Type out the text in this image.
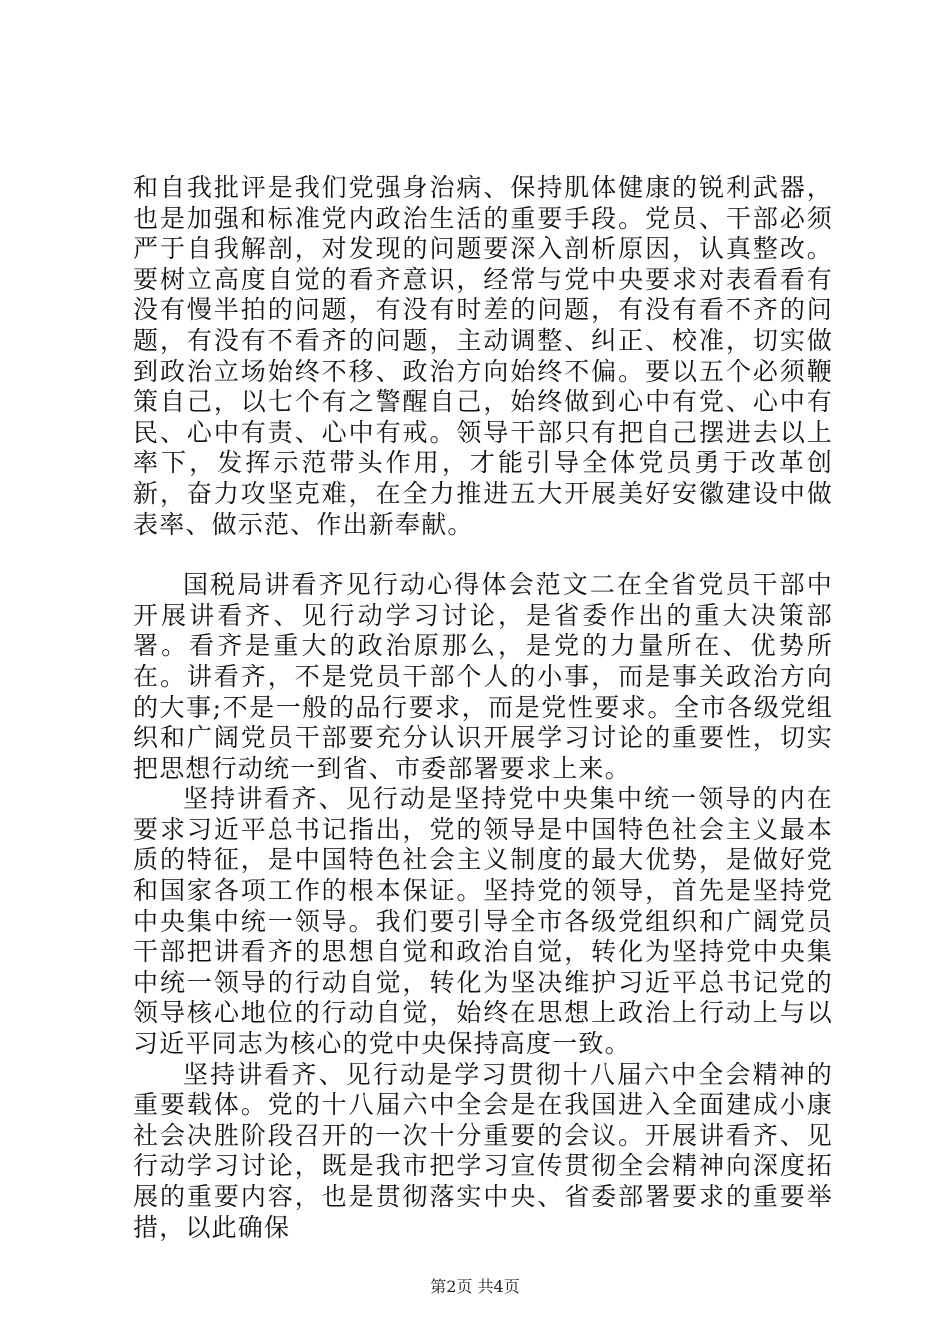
和自我批评是我们党强身治病、保持肌体健康的锐利武器，也是加强和标准党内政治生活的重要手段。党员、干部必须严于自我解剖，对发现的问题要深入剖析原因，认真整改。要树立高度自觉的看齐意识，经常与党中央要求对表看看有没有慢半拍的问题，有没有时差的问题，有没有看不齐的问题，有没有不看齐的问题，主动调整、纠正、校准，切实做到政治立场始终不移、政治方向始终不偏。要以五个必须鞭策自己，以七个有之警醒自己，始终做到心中有党、心中有民、心中有责、心中有戒。领导干部只有把自己摆进去以上率下，发挥示范带头作用，才能引导全体党员勇于改革创新，奋力攻坚克难，在全力推进五大开展美好安徽建设中做表率、做示范、作出新奉献。

国税局讲看齐见行动心得体会范文二在全省党员干部中开展讲看齐、见行动学习讨论，是省委作出的重大决策部署。看齐是重大的政治原那么，是党的力量所在、优势所在。讲看齐，不是党员干部个人的小事，而是事关政治方向的大事;不是一般的品行要求，而是党性要求。全市各级党组织和广阔党员干部要充分认识开展学习讨论的重要性，切实把思想行动统一到省、市委部署要求上来。

坚持讲看齐、见行动是坚持党中央集中统一领导的内在要求习近平总书记指出，党的领导是中国特色社会主义最本质的特征，是中国特色社会主义制度的最大优势，是做好党和国家各项工作的根本保证。坚持党的领导，首先是坚持党中央集中统一领导。我们要引导全市各级党组织和广阔党员干部把讲看齐的思想自觉和政治自觉，转化为坚持党中央集中统一领导的行动自觉，转化为坚决维护习近平总书记党的领导核心地位的行动自觉，始终在思想上政治上行动上与以习近平同志为核心的党中央保持高度一致。

坚持讲看齐、见行动是学习贯彻十八届六中全会精神的重要载体。党的十八届六中全会是在我国进入全面建成小康社会决胜阶段召开的一次十分重要的会议。开展讲看齐、见行动学习讨论，既是我市把学习宣传贯彻全会精神向深度拓展的重要内容，也是贯彻落实中央、省委部署要求的重要举措，以此确保

第2页 共4页
